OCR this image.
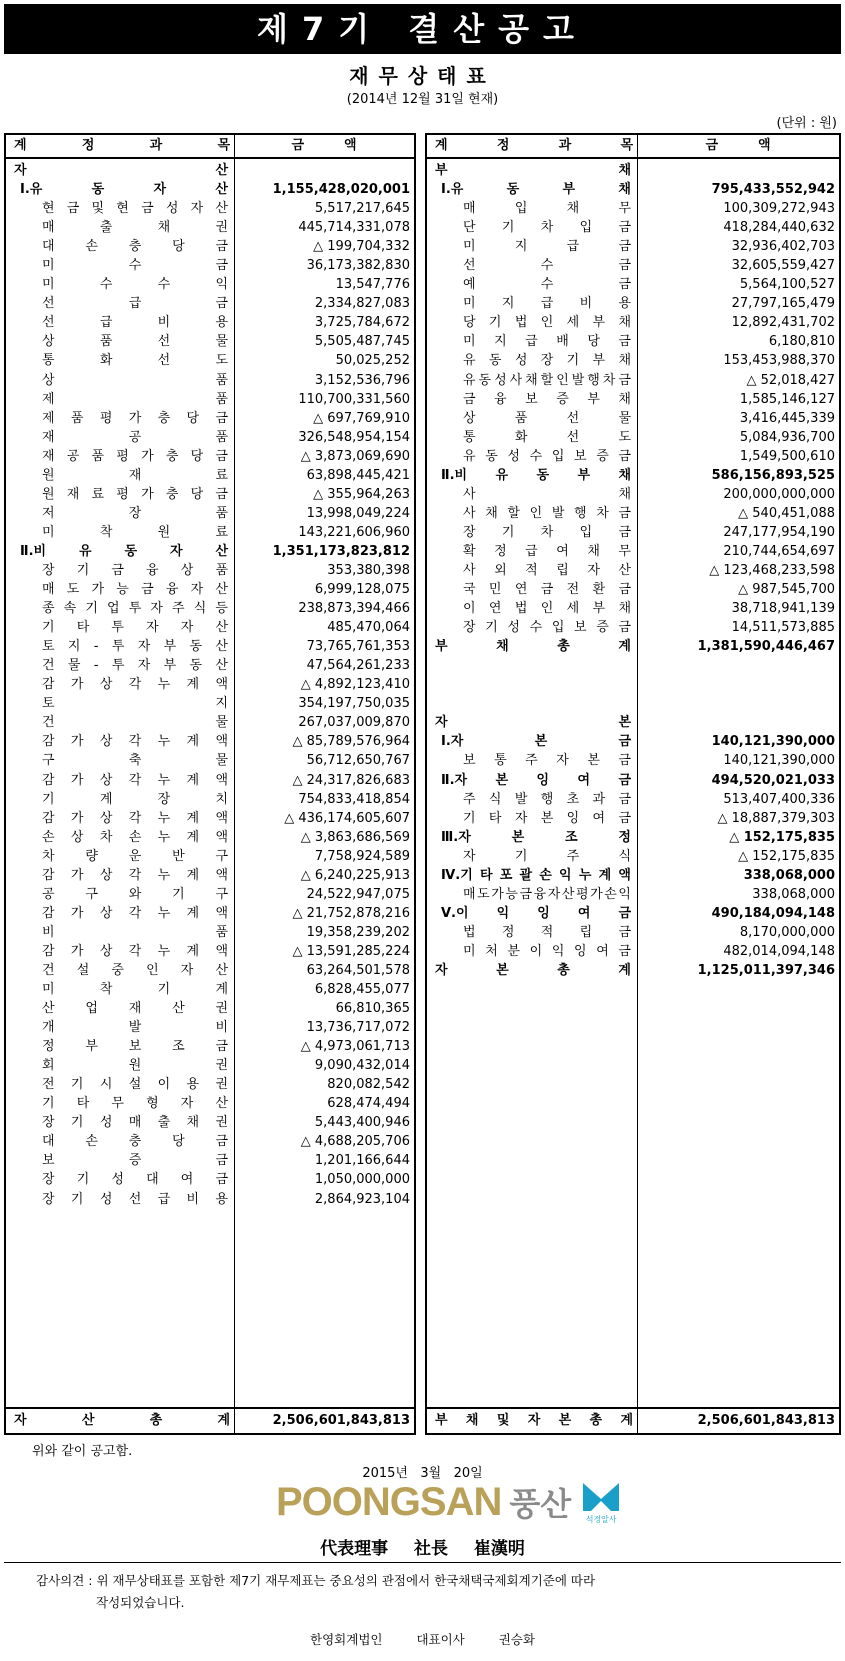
제7기 결산공고
재무상태표
(2014년 12월 31일 현재)
(단위 : 원)
계	정	과	목	금액
자	산
Ⅰ.유	동	자	산	1,155,428,020,001
현 금 및 현 금 성 자 산	5,517,217,645
매	출	채	권	445,714,331,078
대 손 충 당 금	△ 199,704,332
미	수	금	36,173,382,830
미	수	수	익	13,547,776
선	급	금	2,334,827,083
선	급	비	용	3,725,784,672
상	품	선	물	5,505,487,745
통	화	선	도	50,025,252
상	품	3,152,536,796
제	품	110,700,331,560
제 품 평 가 충 당 금	△ 697,769,910
재	공	품	326,548,954,154
재 공 품 평 가 충 당 금	△ 3,873,069,690
원	재	료	63,898,445,421
원 재 료 평 가 충 당 금	△ 355,964,263
저	장	품	13,998,049,224
미	착	원	료	143,221,606,960
Ⅱ.비	유	동	자	산	1,351,173,823,812
장 기 금 융 상 품	353,380,398
매 도 가 능 금 융 자 산	6,999,128,075
종 속 기 업 투 자 주 식 등	238,873,394,466
기 타 투 자 자 산	485,470,064
토 지 - 투 자 부 동 산	73,765,761,353
건 물 - 투 자 부 동 산	47,564,261,233
감 가 상 각 누 계 액	△ 4,892,123,410
토	지	354,197,750,035
건	물	267,037,009,870
감 가 상 각 누 계 액	△ 85,789,576,964
구	축	물	56,712,650,767
감 가 상 각 누 계 액	△ 24,317,826,683
기	계	장	치	754,833,418,854
감 가 상 각 누 계 액	△ 436,174,605,607
손 상 차 손 누 계 액	△ 3,863,686,569
차 량 운 반 구	7,758,924,589
감 가 상 각 누 계 액	△ 6,240,225,913
공 구 와 기 구	24,522,947,075
감 가 상 각 누 계 액	△ 21,752,878,216
비	품	19,358,239,202
감 가 상 각 누 계 액	△ 13,591,285,224
건 설 중 인 자 산	63,264,501,578
미	착	기	계	6,828,455,077
산 업 재 산 권	66,810,365
개	발	비	13,736,717,072
정 부 보 조 금	△ 4,973,061,713
회	원	권	9,090,432,014
전 기 시 설 이 용 권	820,082,542
기 타 무 형 자 산	628,474,494
장 기 성 매 출 채 권	5,443,400,946
대 손 충 당 금	△ 4,688,205,706
보	증	금	1,201,166,644
장 기 성 대 여 금	1,050,000,000
장 기 성 선 급 비 용	2,864,923,104
자	산	총	계	2,506,601,843,813
계	정	과	목	금액
부	채
Ⅰ.유	동	부	채	795,433,552,942
매	입	채	무	100,309,272,943
단 기 차 입 금	418,284,440,632
미	지	급	금	32,936,402,703
선	수	금	32,605,559,427
예	수	금	5,564,100,527
미 지 급 비 용	27,797,165,479
당 기 법 인 세 부 채	12,892,431,702
미 지 급 배 당 금	6,180,810
유 동 성 장 기 부 채	153,453,988,370
유 동 성 사 채 할 인 발 행 차 금	△ 52,018,427
금 융 보 증 부 채	1,585,146,127
상	품	선	물	3,416,445,339
통	화	선	도	5,084,936,700
유 동 성 수 입 보 증 금	1,549,500,610
Ⅱ.비 유 동 부 채	586,156,893,525
사	채	200,000,000,000
사 채 할 인 발 행 차 금	△ 540,451,088
장 기 차 입 금	247,177,954,190
확 정 급 여 채 무	210,744,654,697
사 외 적 립 자 산	△ 123,468,233,598
국 민 연 금 전 환 금	△ 987,545,700
이 연 법 인 세 부 채	38,718,941,139
장 기 성 수 입 보 증 금	14,511,573,885
부	채	총	계	1,381,590,446,467
자	본
Ⅰ.자	본	금	140,121,390,000
보 통 주 자 본 금	140,121,390,000
Ⅱ.자 본 잉 여 금	494,520,021,033
주 식 발 행 초 과 금	513,407,400,336
기 타 자 본 잉 여 금	△ 18,887,379,303
Ⅲ.자	본	조	정	△ 152,175,835
자	기	주	식	△ 152,175,835
Ⅳ.기 타 포 괄 손 익 누 계 액	338,068,000
매 도 가 능 금 융 자 산 평 가 손 익	338,068,000
Ⅴ.이 익 잉 여 금	490,184,094,148
법 정 적 립 금	8,170,000,000
미 처 분 이 익 잉 여 금	482,014,094,148
자	본	총	계	1,125,011,397,346
부 채 및 자 본 총 계	2,506,601,843,813
위와 같이 공고함.
2015년   3월   20일
POONGSAN 풍산	석정알사
代表理事 社長 崔漢明
감사의견 : 위 재무상태표를 포함한 제7기 재무제표는 중요성의 관점에서 한국채택국제회계기준에 따라
작성되었습니다.
한영회계법인 대표이사 권승화
